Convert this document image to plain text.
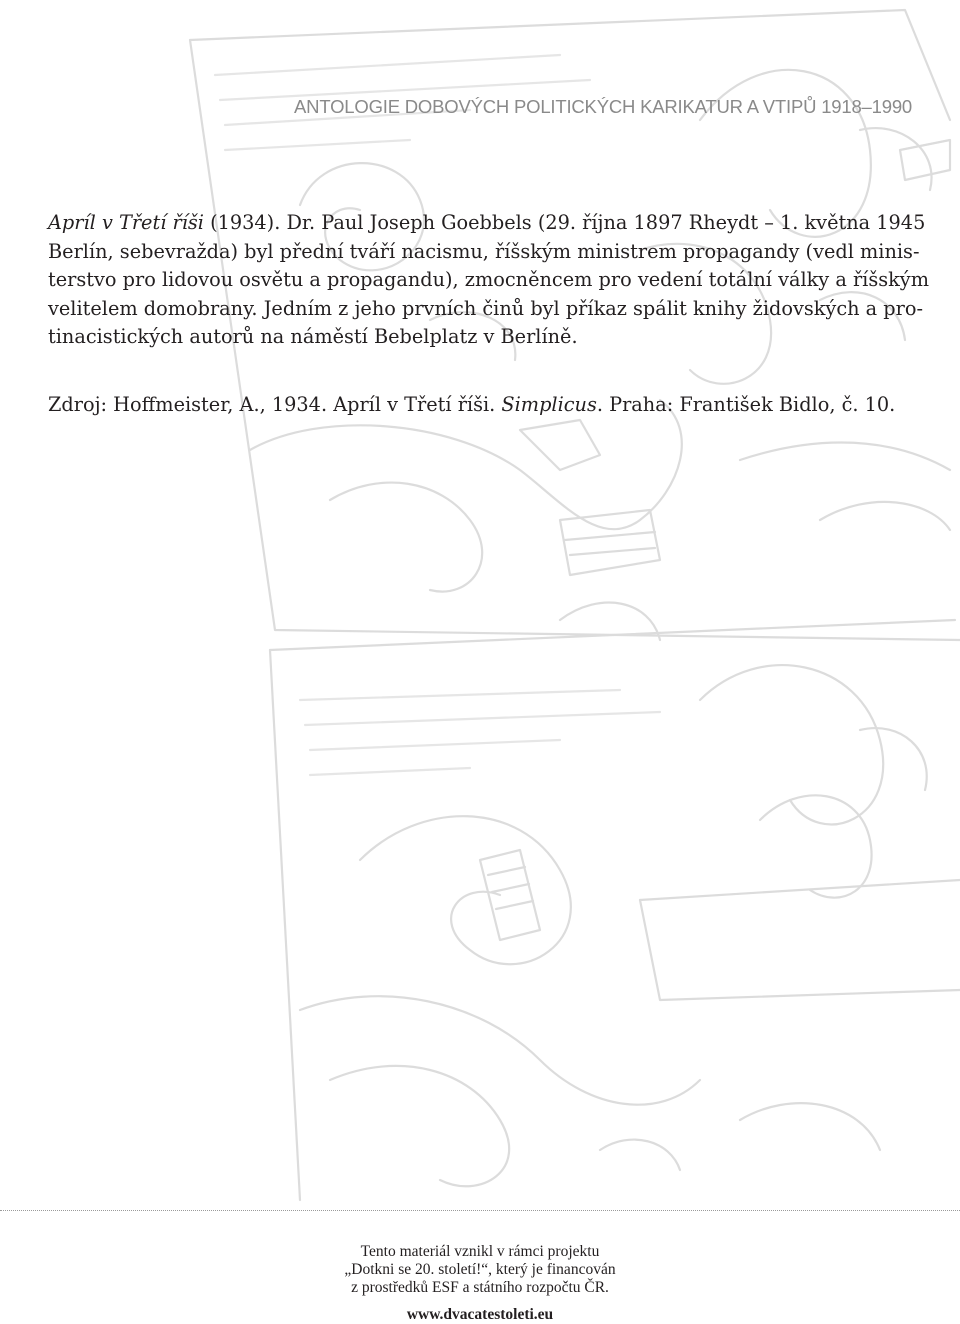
ANTOLOGIE DOBOVÝCH POLITICKÝCH KARIKATUR A VTIPŮ 1918–1990

Apríl v Třetí říši (1934). Dr. Paul Joseph Goebbels (29. října 1897 Rheydt – 1. května 1945
Berlín, sebevražda) byl přední tváří nacismu, říšským ministrem propagandy (vedl minis-
terstvo pro lidovou osvětu a propagandu), zmocněncem pro vedení totální války a říšským
velitelem domobrany. Jedním z jeho prvních činů byl příkaz spálit knihy židovských a pro-
tinacistických autorů na náměstí Bebelplatz v Berlíně.

Zdroj: Hoffmeister, A., 1934. Apríl v Třetí říši. Simplicus. Praha: František Bidlo, č. 10.

Tento materiál vznikl v rámci projektu
„Dotkni se 20. století!“, který je financován
z prostředků ESF a státního rozpočtu ČR.
www.dvacatestoleti.eu
